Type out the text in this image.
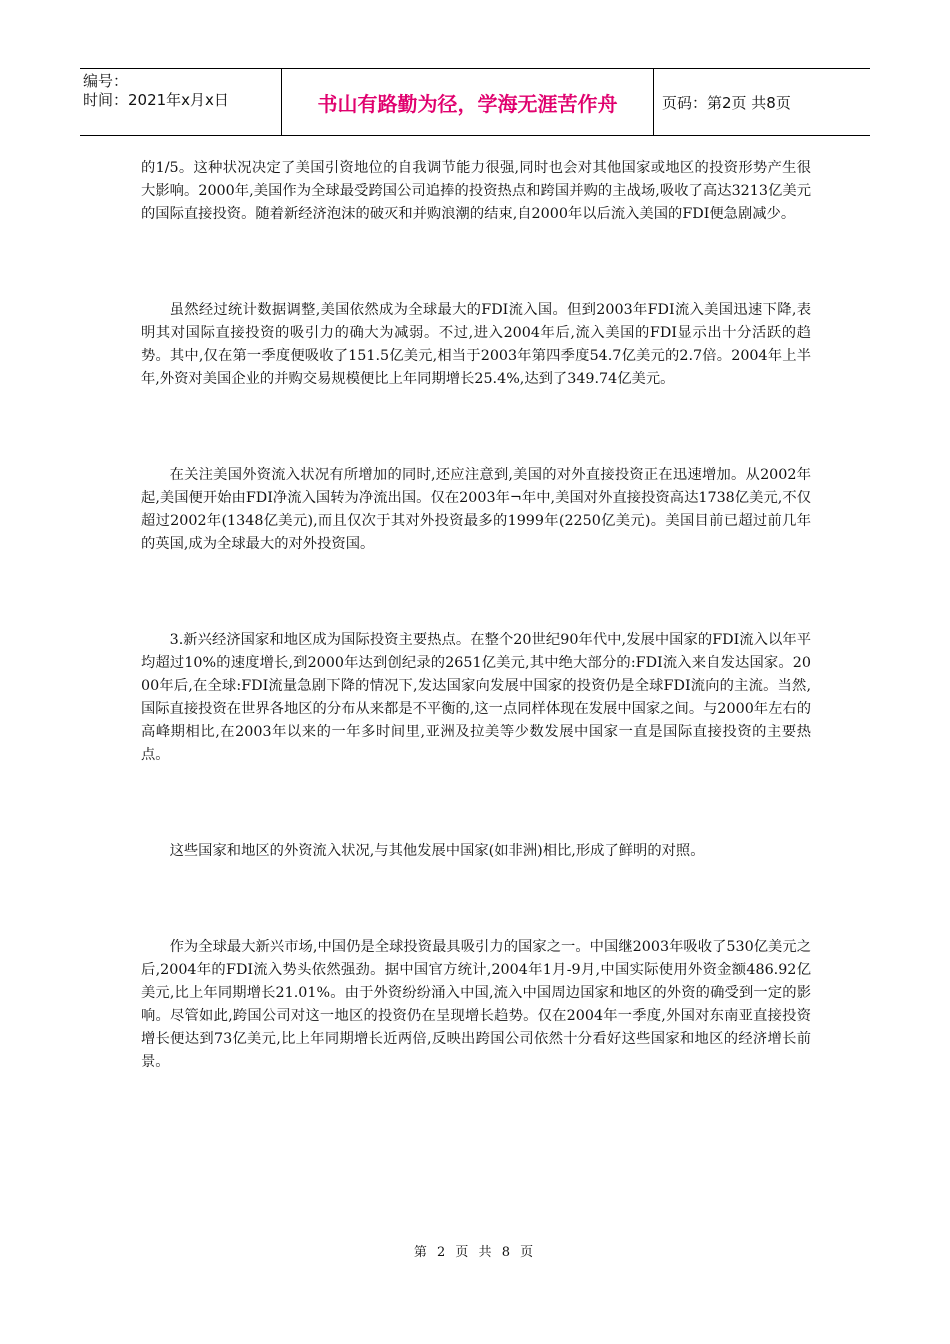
编号：
时间：2021年x月x日	书山有路勤为径，学海无涯苦作舟	页码：第2页 共8页

的1/5。这种状况决定了美国引资地位的自我调节能力很强,同时也会对其他国家或地区的投资形势产生很大影响。2000年,美国作为全球最受跨国公司追捧的投资热点和跨国并购的主战场,吸收了高达3213亿美元的国际直接投资。随着新经济泡沫的破灭和并购浪潮的结束,自2000年以后流入美国的FDI便急剧减少。

虽然经过统计数据调整,美国依然成为全球最大的FDI流入国。但到2003年FDI流入美国迅速下降,表明其对国际直接投资的吸引力的确大为减弱。不过,进入2004年后,流入美国的FDI显示出十分活跃的趋势。其中,仅在第一季度便吸收了151.5亿美元,相当于2003年第四季度54.7亿美元的2.7倍。2004年上半年,外资对美国企业的并购交易规模便比上年同期增长25.4%,达到了349.74亿美元。

在关注美国外资流入状况有所增加的同时,还应注意到,美国的对外直接投资正在迅速增加。从2002年起,美国便开始由FDI净流入国转为净流出国。仅在2003年¬年中,美国对外直接投资高达1738亿美元,不仅超过2002年(1348亿美元),而且仅次于其对外投资最多的1999年(2250亿美元)。美国目前已超过前几年的英国,成为全球最大的对外投资国。

3.新兴经济国家和地区成为国际投资主要热点。在整个20世纪90年代中,发展中国家的FDI流入以年平均超过10%的速度增长,到2000年达到创纪录的2651亿美元,其中绝大部分的:FDI流入来自发达国家。2000年后,在全球:FDI流量急剧下降的情况下,发达国家向发展中国家的投资仍是全球FDI流向的主流。当然,国际直接投资在世界各地区的分布从来都是不平衡的,这一点同样体现在发展中国家之间。与2000年左右的高峰期相比,在2003年以来的一年多时间里,亚洲及拉美等少数发展中国家一直是国际直接投资的主要热点。

这些国家和地区的外资流入状况,与其他发展中国家(如非洲)相比,形成了鲜明的对照。

作为全球最大新兴市场,中国仍是全球投资最具吸引力的国家之一。中国继2003年吸收了530亿美元之后,2004年的FDI流入势头依然强劲。据中国官方统计,2004年1月-9月,中国实际使用外资金额486.92亿美元,比上年同期增长21.01%。由于外资纷纷涌入中国,流入中国周边国家和地区的外资的确受到一定的影响。尽管如此,跨国公司对这一地区的投资仍在呈现增长趋势。仅在2004年一季度,外国对东南亚直接投资增长便达到73亿美元,比上年同期增长近两倍,反映出跨国公司依然十分看好这些国家和地区的经济增长前景。

第 2 页 共 8 页
